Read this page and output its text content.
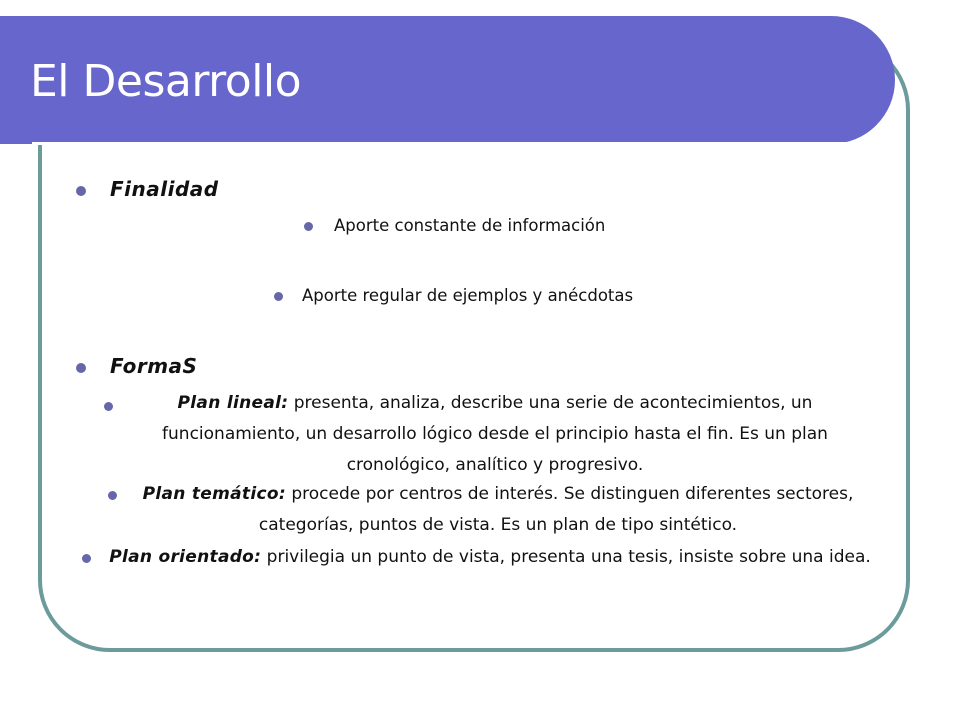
El Desarrollo
Finalidad
Aporte constante de información
Aporte regular de ejemplos y anécdotas
FormaS
Plan lineal: presenta, analiza, describe una serie de acontecimientos, un funcionamiento, un desarrollo lógico desde el principio hasta el fin. Es un plan cronológico, analítico y progresivo.
Plan temático: procede por centros de interés. Se distinguen diferentes sectores, categorías, puntos de vista. Es un plan de tipo sintético.
Plan orientado: privilegia un punto de vista, presenta una tesis, insiste sobre una idea.
